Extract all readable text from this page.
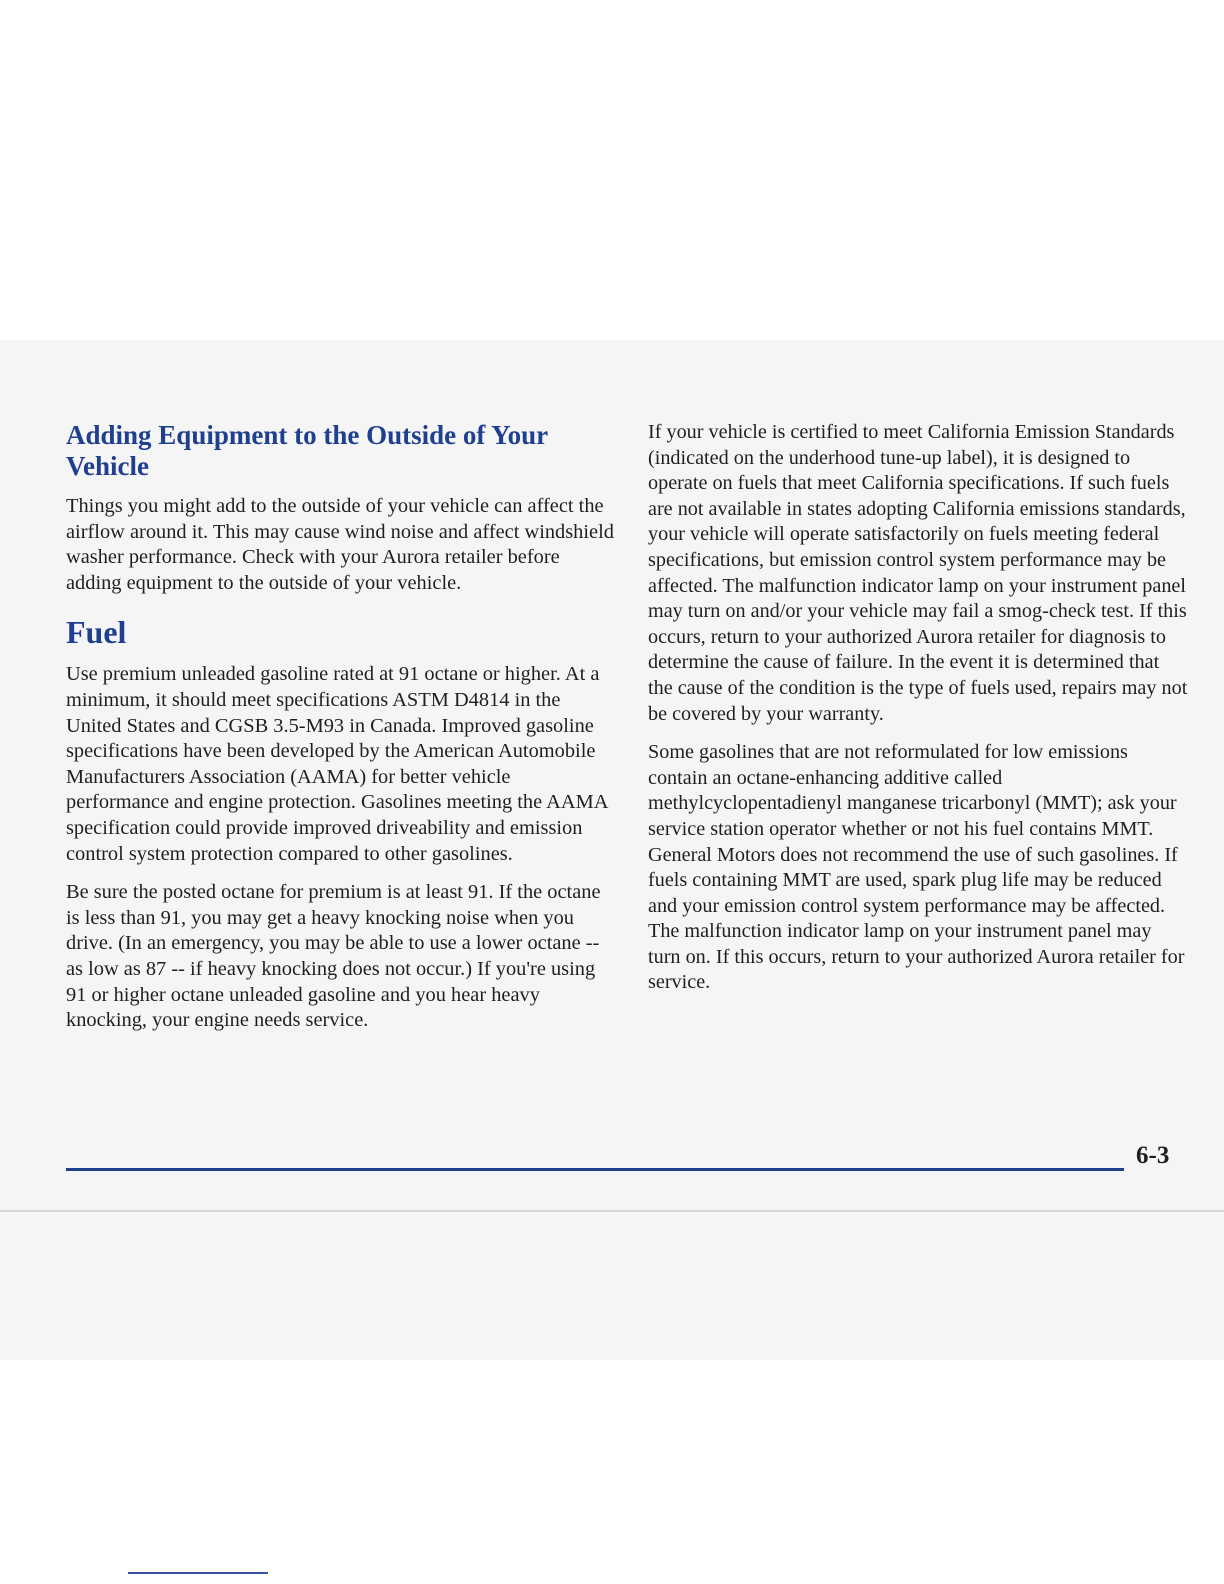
Adding Equipment to the Outside of Your Vehicle

Things you might add to the outside of your vehicle can affect the airflow around it. This may cause wind noise and affect windshield washer performance. Check with your Aurora retailer before adding equipment to the outside of your vehicle.

Fuel

Use premium unleaded gasoline rated at 91 octane or higher. At a minimum, it should meet specifications ASTM D4814 in the United States and CGSB 3.5-M93 in Canada. Improved gasoline specifications have been developed by the American Automobile Manufacturers Association (AAMA) for better vehicle performance and engine protection. Gasolines meeting the AAMA specification could provide improved driveability and emission control system protection compared to other gasolines.

Be sure the posted octane for premium is at least 91. If the octane is less than 91, you may get a heavy knocking noise when you drive. (In an emergency, you may be able to use a lower octane -- as low as 87 -- if heavy knocking does not occur.) If you're using 91 or higher octane unleaded gasoline and you hear heavy knocking, your engine needs service.

If your vehicle is certified to meet California Emission Standards (indicated on the underhood tune-up label), it is designed to operate on fuels that meet California specifications. If such fuels are not available in states adopting California emissions standards, your vehicle will operate satisfactorily on fuels meeting federal specifications, but emission control system performance may be affected. The malfunction indicator lamp on your instrument panel may turn on and/or your vehicle may fail a smog-check test. If this occurs, return to your authorized Aurora retailer for diagnosis to determine the cause of failure. In the event it is determined that the cause of the condition is the type of fuels used, repairs may not be covered by your warranty.

Some gasolines that are not reformulated for low emissions contain an octane-enhancing additive called methylcyclopentadienyl manganese tricarbonyl (MMT); ask your service station operator whether or not his fuel contains MMT. General Motors does not recommend the use of such gasolines. If fuels containing MMT are used, spark plug life may be reduced and your emission control system performance may be affected. The malfunction indicator lamp on your instrument panel may turn on. If this occurs, return to your authorized Aurora retailer for service.

6-3
